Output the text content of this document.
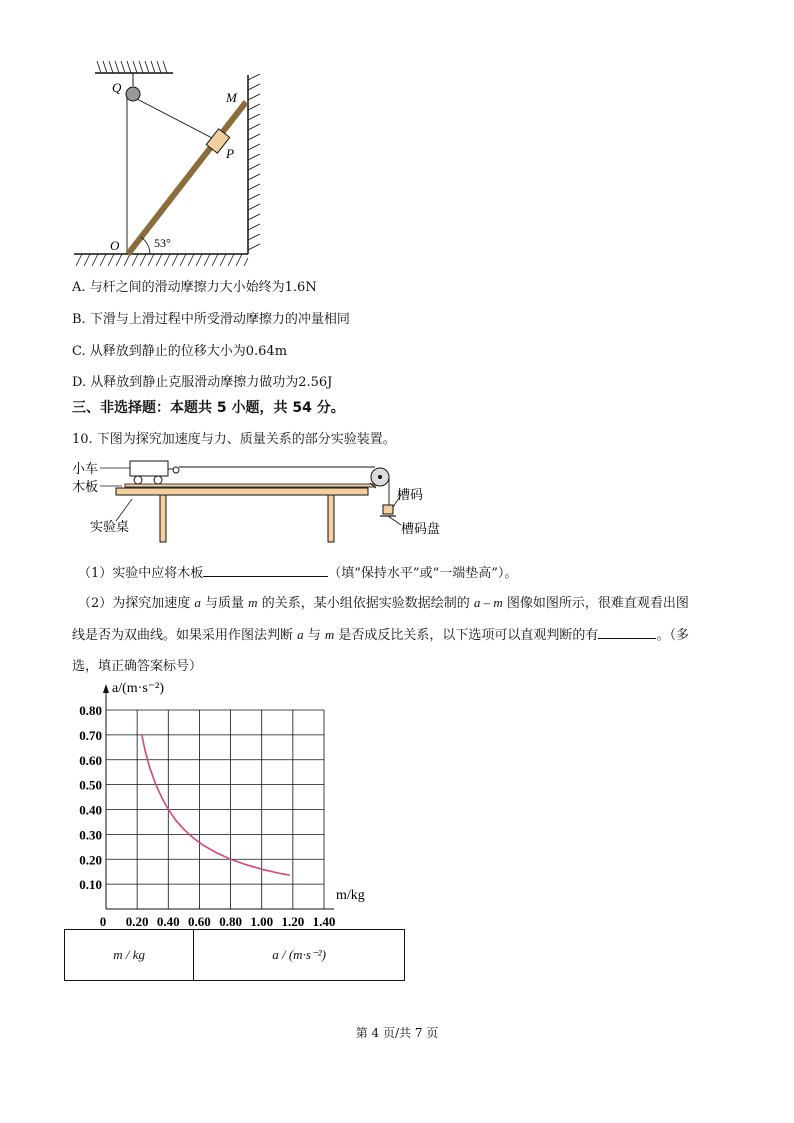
Q
M
P
O	53°
A. 与杆之间的滑动摩擦力大小始终为1.6N
B. 下滑与上滑过程中所受滑动摩擦力的冲量相同
C. 从释放到静止的位移大小为0.64m
D. 从释放到静止克服滑动摩擦力做功为2.56J
三、非选择题：本题共 5 小题，共 54 分。
10. 下图为探究加速度与力、质量关系的部分实验装置。
小车
木板
实验桌
槽码
槽码盘
（1）实验中应将木板	（填“保持水平”或“一端垫高”）。
（2）为探究加速度 a 与质量 m 的关系，某小组依据实验数据绘制的 a – m 图像如图所示，很难直观看出图
线是否为双曲线。如果采用作图法判断 a 与 m 是否成反比关系，以下选项可以直观判断的有	。（多
选，填正确答案标号）
0.10
0.20
0.30
0.40
0.50
0.60
0.70
0.80
0 0.20 0.40 0.60 0.80 1.00 1.20 1.40
a/(m·s⁻²)
m/kg
m / kg	a / (m·s⁻²)
第 4 页/共 7 页
